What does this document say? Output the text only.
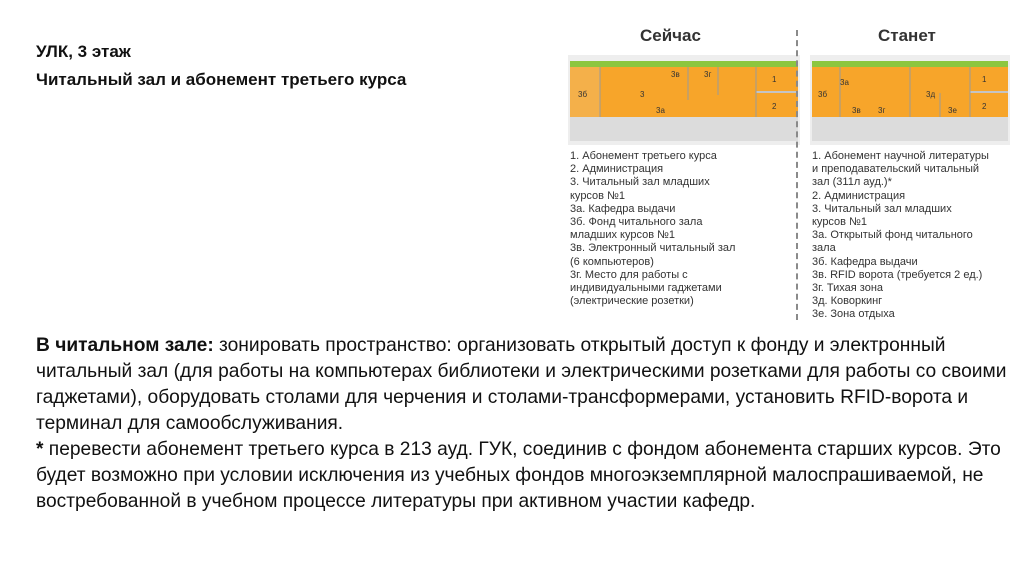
УЛК, 3 этаж
Читальный зал и абонемент третьего курса
Сейчас
3в	3г
3б	3
3а
1
2
1. Абонемент третьего курса
2. Администрация
3. Читальный зал младших
курсов №1
3а. Кафедра выдачи
3б. Фонд читального зала
младших курсов №1
3в. Электронный читальный зал
(6 компьютеров)
3г. Место для работы с
индивидуальными гаджетами
(электрические розетки)
Станет
3б
3а	1
3д
3в 3г	3е	2
1. Абонемент научной литературы
и преподавательский читальный
зал (311л ауд.)*
2. Администрация
3. Читальный зал младших
курсов №1
3а. Открытый фонд читального
зала
3б. Кафедра выдачи
3в. RFID ворота (требуется 2 ед.)
3г. Тихая зона
3д. Коворкинг
3е. Зона отдыха

В читальном зале: зонировать пространство: организовать открытый доступ к фонду и электронный читальный зал (для работы на компьютерах библиотеки и электрическими розетками для работы со своими гаджетами), оборудовать столами для черчения и столами-трансформерами, установить RFID-ворота и терминал для самообслуживания.

* перевести абонемент третьего курса в 213 ауд. ГУК, соединив с фондом абонемента старших курсов. Это будет возможно при условии исключения из учебных фондов многоэкземплярной малоспрашиваемой, не востребованной в учебном процессе литературы при активном участии кафедр.
